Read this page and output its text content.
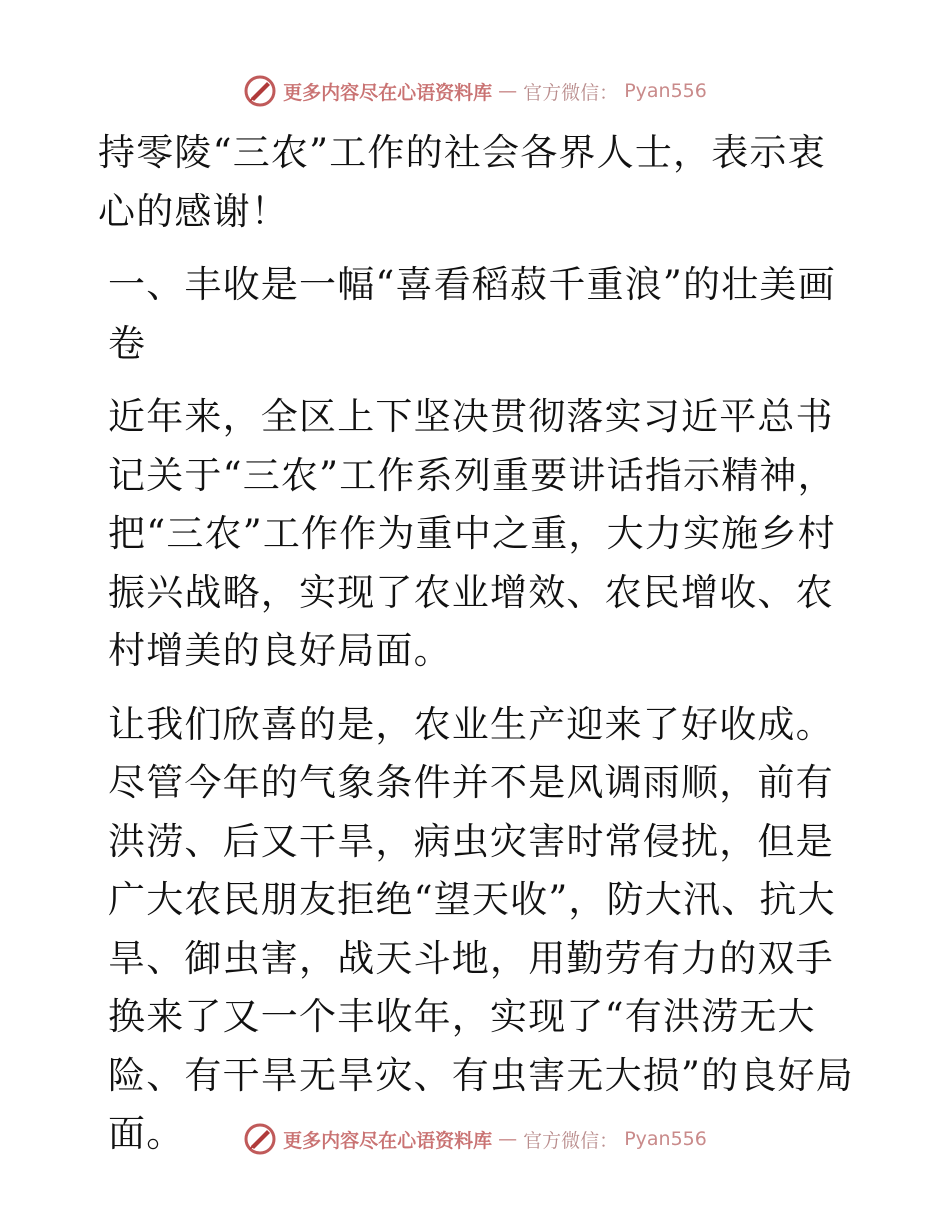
更多内容尽在心语资料库 — 官方微信： Pyan556

持零陵“三农”工作的社会各界人士，表示衷心的感谢！

一、丰收是一幅“喜看稻菽千重浪”的壮美画卷

近年来，全区上下坚决贯彻落实习近平总书记关于“三农”工作系列重要讲话指示精神，把“三农”工作作为重中之重，大力实施乡村振兴战略，实现了农业增效、农民增收、农村增美的良好局面。

让我们欣喜的是，农业生产迎来了好收成。尽管今年的气象条件并不是风调雨顺，前有洪涝、后又干旱，病虫灾害时常侵扰，但是广大农民朋友拒绝“望天收”，防大汛、抗大旱、御虫害，战天斗地，用勤劳有力的双手换来了又一个丰收年，实现了“有洪涝无大险、有干旱无旱灾、有虫害无大损”的良好局面。	更多内容尽在心语资料库 — 官方微信： Pyan556
